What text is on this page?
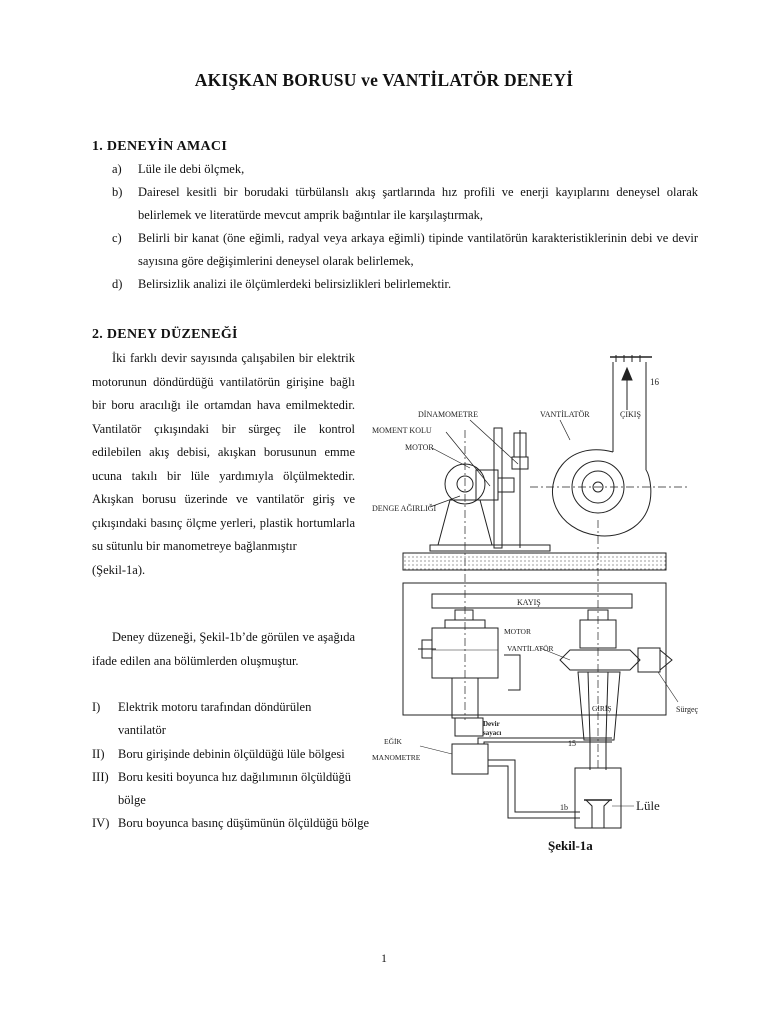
AKIŞKAN BORUSU ve VANTİLATÖR DENEYİ
1. DENEYİN AMACI
a) Lüle ile debi ölçmek,
b) Dairesel kesitli bir borudaki türbülanslı akış şartlarında hız profili ve enerji kayıplarını deneysel olarak belirlemek ve literatürde mevcut amprik bağıntılar ile karşılaştırmak,
c) Belirli bir kanat (öne eğimli, radyal veya arkaya eğimli) tipinde vantilatörün karakteristiklerinin debi ve devir sayısına göre değişimlerini deneysel olarak belirlemek,
d) Belirsizlik analizi ile ölçümlerdeki belirsizlikleri belirlemektir.
2. DENEY DÜZENEĞİ

İki farklı devir sayısında çalışabilen bir elektrik motorunun döndürdüğü vantilatörün girişine bağlı bir boru aracılığı ile ortamdan hava emilmektedir. Vantilatör çıkışındaki bir sürgeç ile kontrol edilebilen akış debisi, akışkan borusunun emme ucuna takılı bir lüle yardımıyla ölçülmektedir. Akışkan borusu üzerinde ve vantilatör giriş ve çıkışındaki basınç ölçme yerleri, plastik hortumlarla su sütunlu bir manometreye bağlanmıştır

(Şekil-1a).

Deney düzeneği, Şekil-1b’de görülen ve aşağıda ifade edilen ana bölümlerden oluşmuştur.

I) Elektrik motoru tarafından döndürülen vantilatör
II) Boru girişinde debinin ölçüldüğü lüle bölgesi
III) Boru kesiti boyunca hız dağılımının ölçüldüğü bölge
IV) Boru boyunca basınç düşümünün ölçüldüğü bölge
16
DİNAMOMETRE	VANTİLATÖR	ÇIKIŞ
MOMENT KOLU
MOTOR
DENGE AĞIRLIĞI
KAYIŞ
MOTOR
VANTİLATÖR
GİRİŞ	Sürgeç
Devir
sayacı
EĞİK
MANOMETRE
15
1b	Lüle
Şekil-1a
1
